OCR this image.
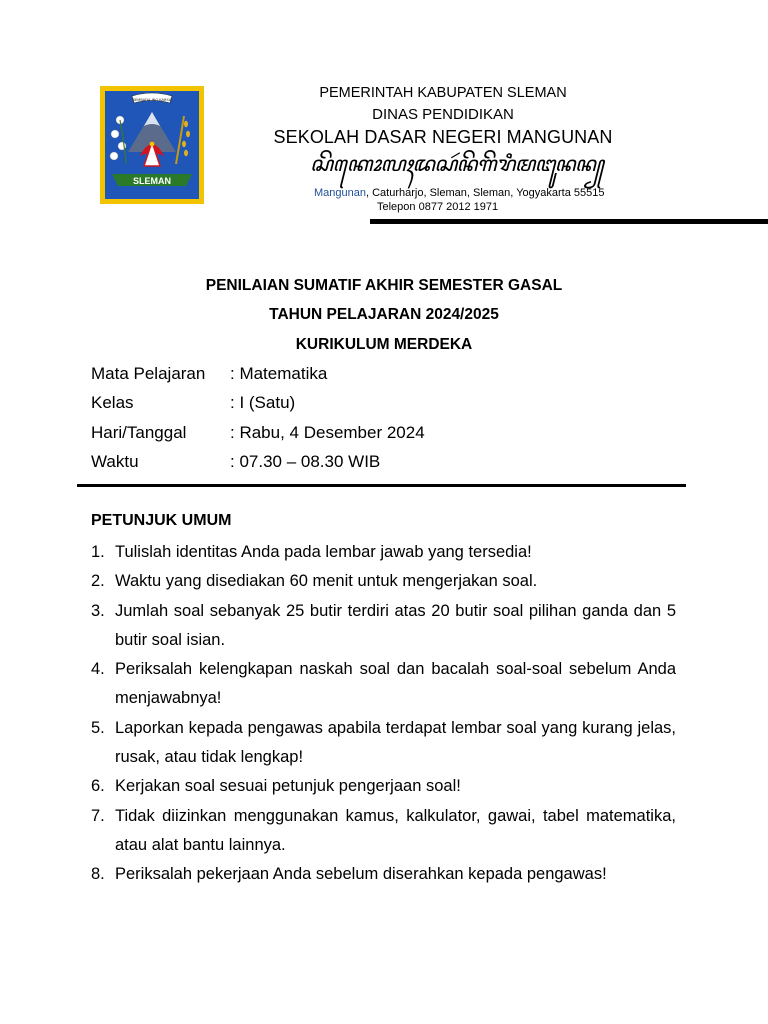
SEMBADA ING KARSA
SLEMAN
PEMERINTAH KABUPATEN SLEMAN
DINAS PENDIDIKAN
SEKOLAH DASAR NEGERI MANGUNAN
ꦱꦼꦏꦺꦴꦭꦃꦢꦱꦂꦤꦼꦒꦼꦫꦶꦩꦔꦸꦤꦤ꧀
Mangunan, Caturharjo, Sleman, Sleman, Yogyakarta 55515
Telepon 0877 2012 1971
PENILAIAN SUMATIF AKHIR SEMESTER GASAL
TAHUN PELAJARAN 2024/2025
KURIKULUM MERDEKA
Mata Pelajaran : Matematika
Kelas	: I (Satu)
Hari/Tanggal	: Rabu, 4 Desember 2024
Waktu	: 07.30 – 08.30 WIB
PETUNJUK UMUM
1. Tulislah identitas Anda pada lembar jawab yang tersedia!
2. Waktu yang disediakan 60 menit untuk mengerjakan soal.
3. Jumlah soal sebanyak 25 butir terdiri atas 20 butir soal pilihan ganda dan 5 butir soal isian.
4. Periksalah kelengkapan naskah soal dan bacalah soal-soal sebelum Anda menjawabnya!
5. Laporkan kepada pengawas apabila terdapat lembar soal yang kurang jelas, rusak, atau tidak lengkap!
6. Kerjakan soal sesuai petunjuk pengerjaan soal!
7. Tidak diizinkan menggunakan kamus, kalkulator, gawai, tabel matematika, atau alat bantu lainnya.
8. Periksalah pekerjaan Anda sebelum diserahkan kepada pengawas!
